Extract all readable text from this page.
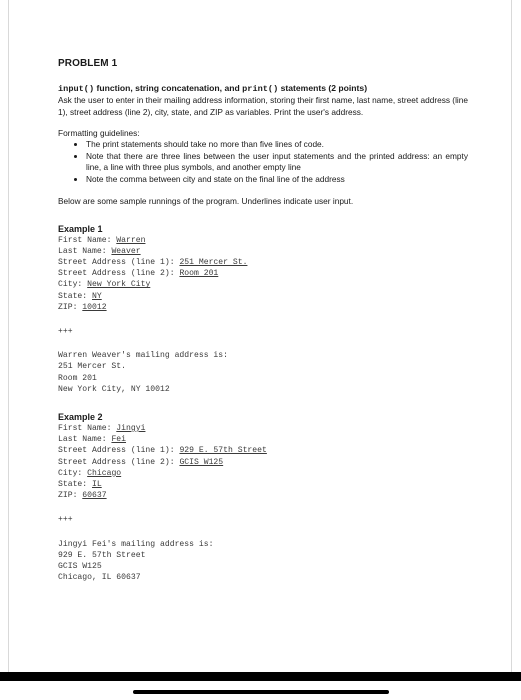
PROBLEM 1

input() function, string concatenation, and print() statements (2 points)

Ask the user to enter in their mailing address information, storing their first name, last name, street address (line 1), street address (line 2), city, state, and ZIP as variables. Print the user's address.

Formatting guidelines:

• The print statements should take no more than five lines of code.
• Note that there are three lines between the user input statements and the printed address: an empty line, a line with three plus symbols, and another empty line
• Note the comma between city and state on the final line of the address

Below are some sample runnings of the program. Underlines indicate user input.

Example 1
First Name: Warren
Last Name: Weaver
Street Address (line 1): 251 Mercer St.
Street Address (line 2): Room 201
City: New York City
State: NY
ZIP: 10012
+++
Warren Weaver's mailing address is:
251 Mercer St.
Room 201
New York City, NY 10012
Example 2
First Name: Jingyi
Last Name: Fei
Street Address (line 1): 929 E. 57th Street
Street Address (line 2): GCIS W125
City: Chicago
State: IL
ZIP: 60637
+++
Jingyi Fei's mailing address is:
929 E. 57th Street
GCIS W125
Chicago, IL 60637
